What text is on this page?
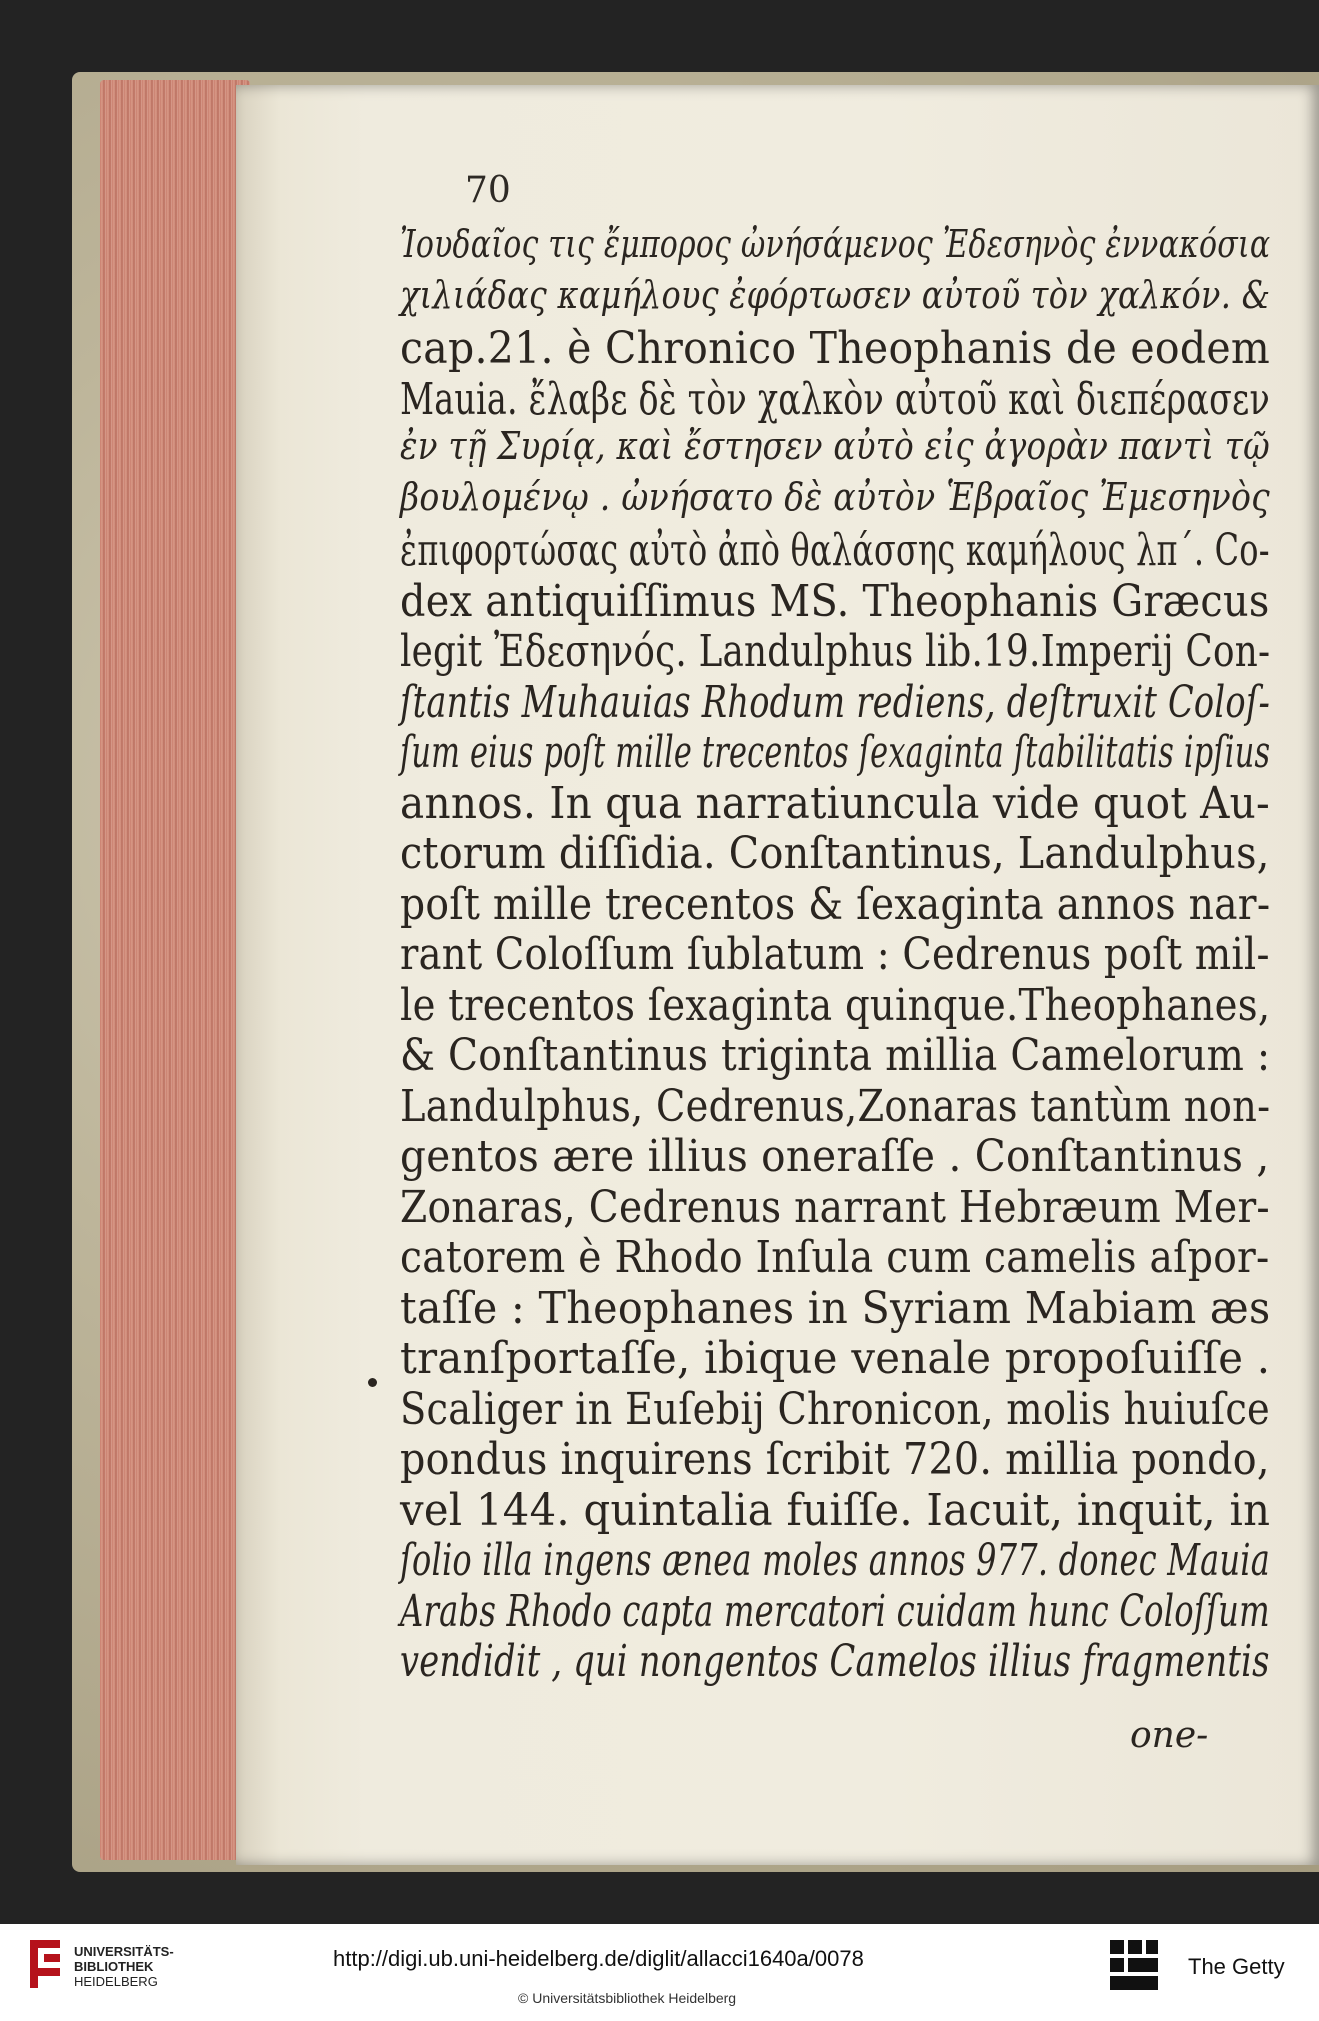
70
Ἰουδαῖος τις ἔμπορος ὠνήσάμενος Ἐδεσηνὸς ἐννακόσια
χιλιάδας καμήλους ἐφόρτωσεν αὐτοῦ τὸν χαλκόν. &
cap.21. è Chronico Theophanis de eodem
Mauia. ἔλαβε δὲ τὸν χαλκὸν αὐτοῦ καὶ διεπέρασεν
ἐν τῇ Συρίᾳ, καὶ ἔστησεν αὐτὸ εἰς ἀγορὰν παντὶ τῷ
βουλομένῳ . ὠνήσατο δὲ αὐτὸν Ἑβραῖος Ἐμεσηνὸς
ἐπιφορτώσας αὐτὸ ἀπὸ θαλάσσης καμήλους λπ΄. Co-
dex antiquiſſimus MS. Theophanis Græcus
legit Ἐδεσηνός. Landulphus lib.19.Imperij Con-
ſtantis Muhauias Rhodum rediens, deſtruxit Coloſ-
ſum eius poſt mille trecentos ſexaginta ſtabilitatis ipſius
annos. In qua narratiuncula vide quot Au-
ctorum diſſidia. Conſtantinus, Landulphus,
poſt mille trecentos & ſexaginta annos nar-
rant Coloſſum ſublatum : Cedrenus poſt mil-
le trecentos ſexaginta quinque.Theophanes,
& Conſtantinus triginta millia Camelorum :
Landulphus, Cedrenus,Zonaras tantùm non-
gentos ære illius oneraſſe . Conſtantinus ,
Zonaras, Cedrenus narrant Hebræum Mer-
catorem è Rhodo Inſula cum camelis aſpor-
taſſe : Theophanes in Syriam Mabiam æs
tranſportaſſe, ibique venale propoſuiſſe .
Scaliger in Euſebij Chronicon, molis huiuſce
pondus inquirens ſcribit 720. millia pondo,
vel 144. quintalia fuiſſe. Iacuit, inquit, in
ſolio illa ingens ænea moles annos 977. donec Mauia
Arabs Rhodo capta mercatori cuidam hunc Coloſſum
vendidit , qui nongentos Camelos illius fragmentis
one-
UNIVERSITÄTS-
BIBLIOTHEK
HEIDELBERG
http://digi.ub.uni-heidelberg.de/diglit/allacci1640a/0078
© Universitätsbibliothek Heidelberg
The Getty
